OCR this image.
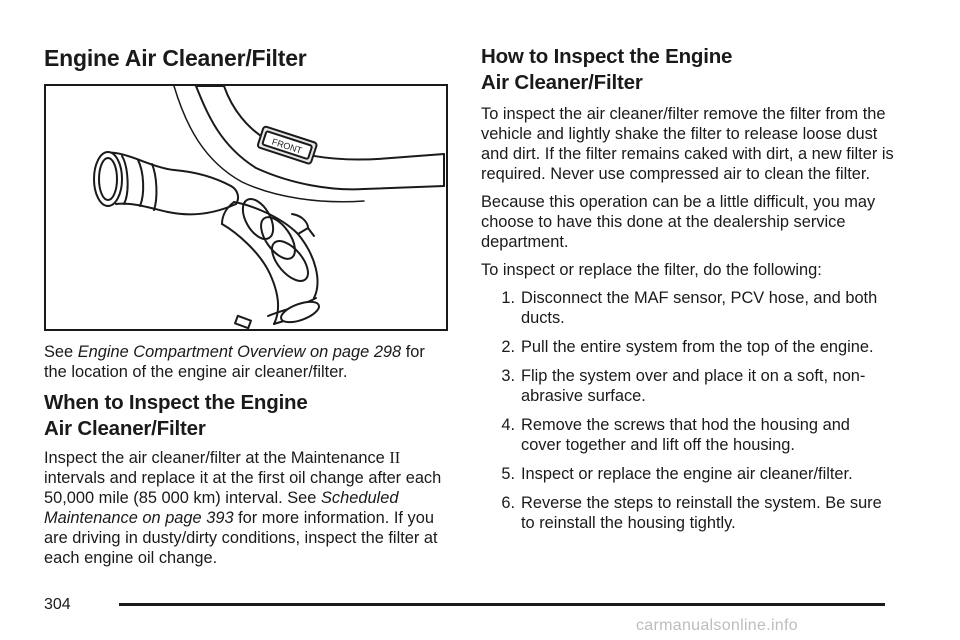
Engine Air Cleaner/Filter
FRONT

See Engine Compartment Overview on page 298 for the location of the engine air cleaner/filter.

When to Inspect the Engine
Air Cleaner/Filter

Inspect the air cleaner/filter at the Maintenance II intervals and replace it at the first oil change after each 50,000 mile (85 000 km) interval. See Scheduled Maintenance on page 393 for more information. If you are driving in dusty/dirty conditions, inspect the filter at each engine oil change.

How to Inspect the Engine
Air Cleaner/Filter

To inspect the air cleaner/filter remove the filter from the vehicle and lightly shake the filter to release loose dust and dirt. If the filter remains caked with dirt, a new filter is required. Never use compressed air to clean the filter.

Because this operation can be a little difficult, you may choose to have this done at the dealership service department.

To inspect or replace the filter, do the following:

1. Disconnect the MAF sensor, PCV hose, and both ducts.
2. Pull the entire system from the top of the engine.
3. Flip the system over and place it on a soft, non-abrasive surface.
4. Remove the screws that hod the housing and cover together and lift off the housing.
5. Inspect or replace the engine air cleaner/filter.
6. Reverse the steps to reinstall the system. Be sure to reinstall the housing tightly.
304
carmanualsonline.info
